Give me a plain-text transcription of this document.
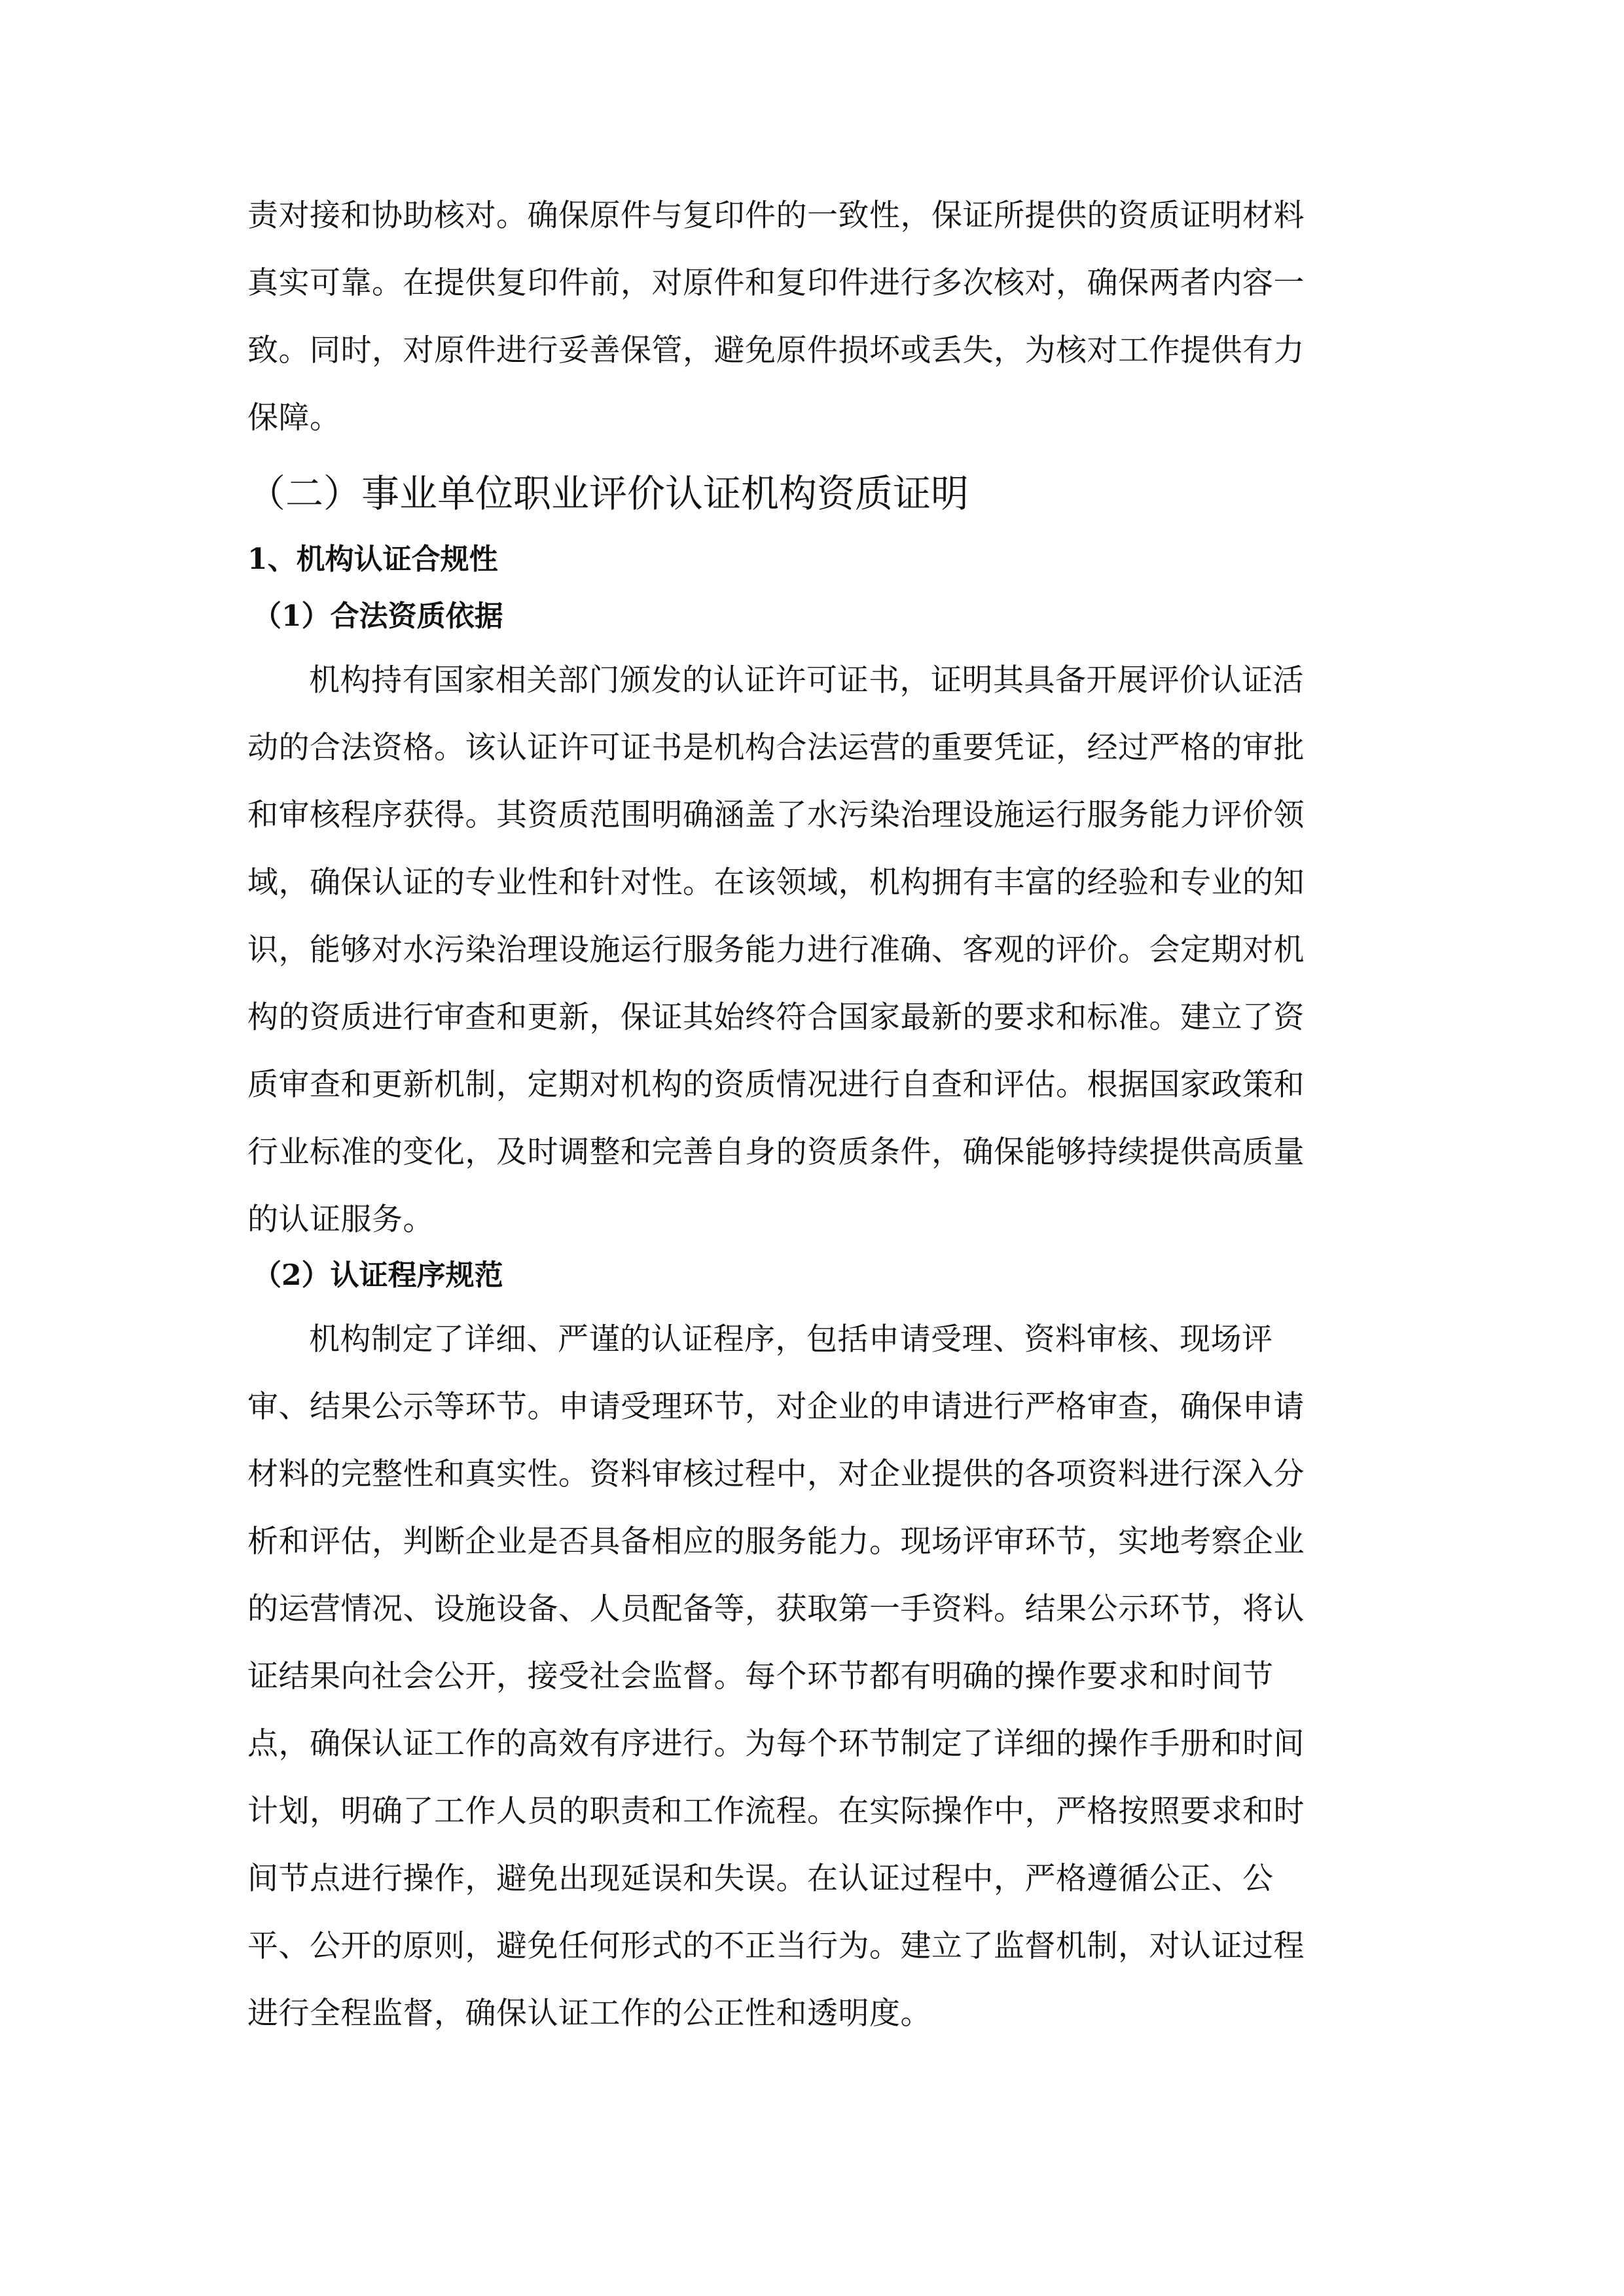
责对接和协助核对。确保原件与复印件的一致性，保证所提供的资质证明材料

真实可靠。在提供复印件前，对原件和复印件进行多次核对，确保两者内容一

致。同时，对原件进行妥善保管，避免原件损坏或丢失，为核对工作提供有力

保障。

（二）事业单位职业评价认证机构资质证明
1、机构认证合规性
（1）合法资质依据

机构持有国家相关部门颁发的认证许可证书，证明其具备开展评价认证活

动的合法资格。该认证许可证书是机构合法运营的重要凭证，经过严格的审批

和审核程序获得。其资质范围明确涵盖了水污染治理设施运行服务能力评价领

域，确保认证的专业性和针对性。在该领域，机构拥有丰富的经验和专业的知

识，能够对水污染治理设施运行服务能力进行准确、客观的评价。会定期对机

构的资质进行审查和更新，保证其始终符合国家最新的要求和标准。建立了资

质审查和更新机制，定期对机构的资质情况进行自查和评估。根据国家政策和

行业标准的变化，及时调整和完善自身的资质条件，确保能够持续提供高质量

的认证服务。

（2）认证程序规范

机构制定了详细、严谨的认证程序，包括申请受理、资料审核、现场评

审、结果公示等环节。申请受理环节，对企业的申请进行严格审查，确保申请

材料的完整性和真实性。资料审核过程中，对企业提供的各项资料进行深入分

析和评估，判断企业是否具备相应的服务能力。现场评审环节，实地考察企业

的运营情况、设施设备、人员配备等，获取第一手资料。结果公示环节，将认

证结果向社会公开，接受社会监督。每个环节都有明确的操作要求和时间节

点，确保认证工作的高效有序进行。为每个环节制定了详细的操作手册和时间

计划，明确了工作人员的职责和工作流程。在实际操作中，严格按照要求和时

间节点进行操作，避免出现延误和失误。在认证过程中，严格遵循公正、公

平、公开的原则，避免任何形式的不正当行为。建立了监督机制，对认证过程

进行全程监督，确保认证工作的公正性和透明度。
